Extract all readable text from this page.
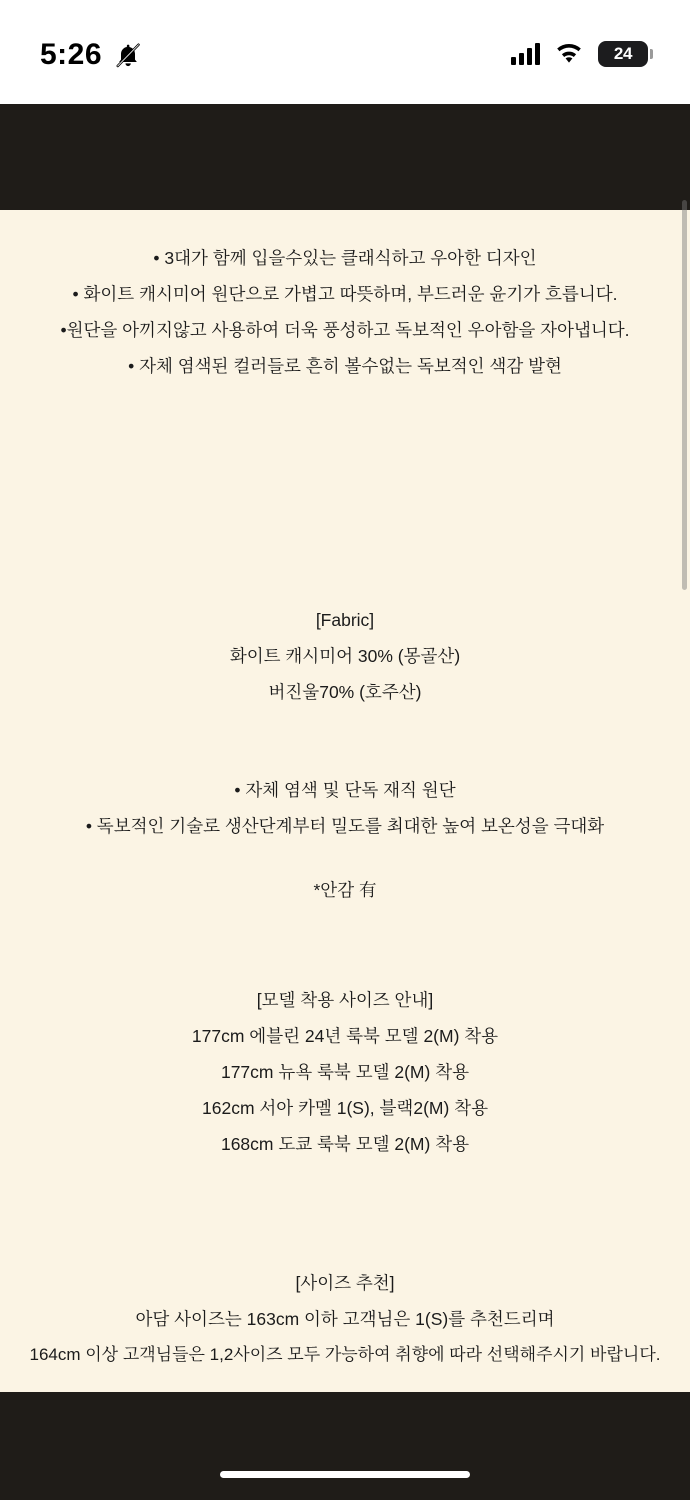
5:26	24
• 3대가 함께 입을수있는 클래식하고 우아한 디자인
• 화이트 캐시미어 원단으로 가볍고 따뜻하며, 부드러운 윤기가 흐릅니다.
•원단을 아끼지않고 사용하여 더욱 풍성하고 독보적인 우아함을 자아냅니다.
• 자체 염색된 컬러들로 흔히 볼수없는 독보적인 색감 발현
[Fabric]
화이트 캐시미어 30% (몽골산)
버진울70% (호주산)
• 자체 염색 및 단독 재직 원단
• 독보적인 기술로 생산단계부터 밀도를 최대한 높여 보온성을 극대화
*안감 有
[모델 착용 사이즈 안내]
177cm 에블린 24년 룩북 모델 2(M) 착용
177cm 뉴욕 룩북 모델 2(M) 착용
162cm 서아 카멜 1(S), 블랙2(M) 착용
168cm 도쿄 룩북 모델 2(M) 착용
[사이즈 추천]
아담 사이즈는 163cm 이하 고객님은 1(S)를 추천드리며
164cm 이상 고객님들은 1,2사이즈 모두 가능하여 취향에 따라 선택해주시기 바랍니다.
